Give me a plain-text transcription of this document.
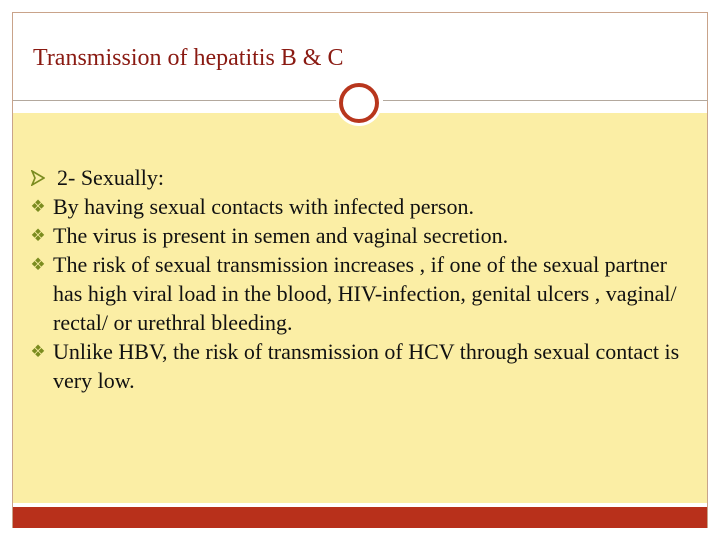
Transmission of hepatitis B & C
2- Sexually:
❖ By having sexual contacts with infected person.
❖ The virus is present in semen and vaginal secretion.
❖ The risk of sexual transmission increases , if one of the sexual partner has high viral load in the blood, HIV-infection, genital ulcers , vaginal/ rectal/ or urethral bleeding.
❖ Unlike HBV, the risk of transmission of HCV through sexual contact is very low.
